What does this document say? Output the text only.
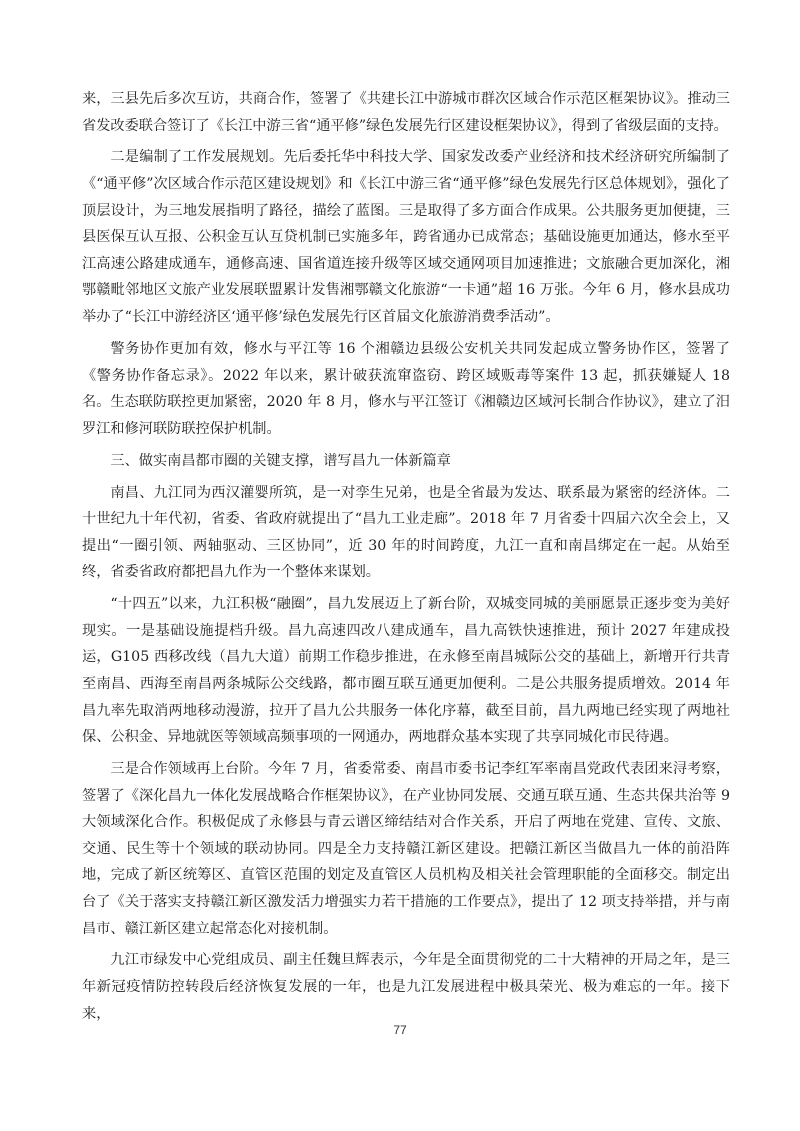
来，三县先后多次互访，共商合作，签署了《共建长江中游城市群次区域合作示范区框架协议》。推动三省发改委联合签订了《长江中游三省“通平修”绿色发展先行区建设框架协议》，得到了省级层面的支持。

二是编制了工作发展规划。先后委托华中科技大学、国家发改委产业经济和技术经济研究所编制了《“通平修”次区域合作示范区建设规划》和《长江中游三省“通平修”绿色发展先行区总体规划》，强化了顶层设计，为三地发展指明了路径，描绘了蓝图。三是取得了多方面合作成果。公共服务更加便捷，三县医保互认互报、公积金互认互贷机制已实施多年，跨省通办已成常态；基础设施更加通达，修水至平江高速公路建成通车，通修高速、国省道连接升级等区域交通网项目加速推进；文旅融合更加深化，湘鄂赣毗邻地区文旅产业发展联盟累计发售湘鄂赣文化旅游“一卡通”超 16 万张。今年 6 月，修水县成功举办了“长江中游经济区‘通平修’绿色发展先行区首届文化旅游消费季活动”。

警务协作更加有效，修水与平江等 16 个湘赣边县级公安机关共同发起成立警务协作区，签署了《警务协作备忘录》。2022 年以来，累计破获流窜盗窃、跨区域贩毒等案件 13 起，抓获嫌疑人 18 名。生态联防联控更加紧密，2020 年 8 月，修水与平江签订《湘赣边区域河长制合作协议》，建立了汨罗江和修河联防联控保护机制。

三、做实南昌都市圈的关键支撑，谱写昌九一体新篇章

南昌、九江同为西汉灌婴所筑，是一对孪生兄弟，也是全省最为发达、联系最为紧密的经济体。二十世纪九十年代初，省委、省政府就提出了“昌九工业走廊”。2018 年 7 月省委十四届六次全会上，又提出“一圈引领、两轴驱动、三区协同”，近 30 年的时间跨度，九江一直和南昌绑定在一起。从始至终，省委省政府都把昌九作为一个整体来谋划。

“十四五”以来，九江积极“融圈”，昌九发展迈上了新台阶，双城变同城的美丽愿景正逐步变为美好现实。一是基础设施提档升级。昌九高速四改八建成通车，昌九高铁快速推进，预计 2027 年建成投运，G105 西移改线（昌九大道）前期工作稳步推进，在永修至南昌城际公交的基础上，新增开行共青至南昌、西海至南昌两条城际公交线路，都市圈互联互通更加便利。二是公共服务提质增效。2014 年昌九率先取消两地移动漫游，拉开了昌九公共服务一体化序幕，截至目前，昌九两地已经实现了两地社保、公积金、异地就医等领域高频事项的一网通办，两地群众基本实现了共享同城化市民待遇。

三是合作领域再上台阶。今年 7 月，省委常委、南昌市委书记李红军率南昌党政代表团来浔考察，签署了《深化昌九一体化发展战略合作框架协议》，在产业协同发展、交通互联互通、生态共保共治等 9 大领域深化合作。积极促成了永修县与青云谱区缔结结对合作关系，开启了两地在党建、宣传、文旅、交通、民生等十个领域的联动协同。四是全力支持赣江新区建设。把赣江新区当做昌九一体的前沿阵地，完成了新区统筹区、直管区范围的划定及直管区人员机构及相关社会管理职能的全面移交。制定出台了《关于落实支持赣江新区激发活力增强实力若干措施的工作要点》，提出了 12 项支持举措，并与南昌市、赣江新区建立起常态化对接机制。

九江市绿发中心党组成员、副主任魏旦辉表示，今年是全面贯彻党的二十大精神的开局之年，是三年新冠疫情防控转段后经济恢复发展的一年，也是九江发展进程中极具荣光、极为难忘的一年。接下来，

77
